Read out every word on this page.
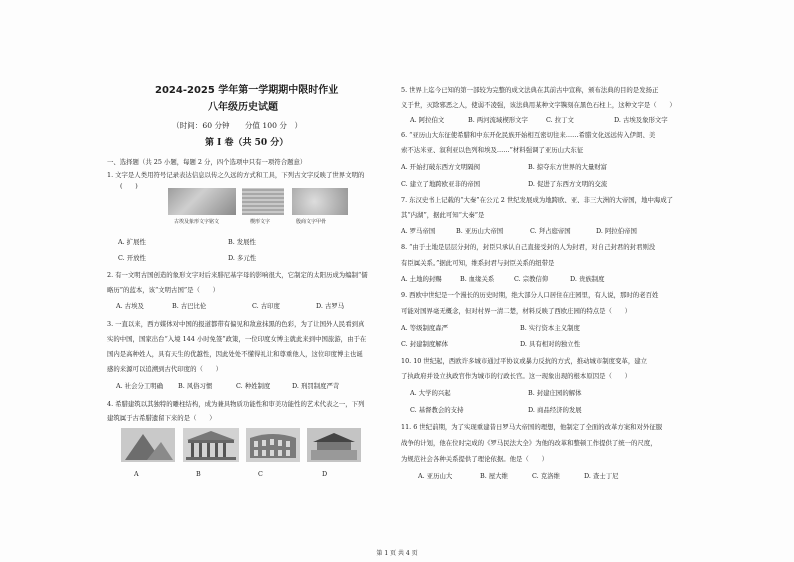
2024-2025 学年第一学期期中限时作业
八年级历史试题
（时间：60 分钟　　分值 100 分　）
第 I 卷（共 50 分）
一、选择题（共 25 小题，每题 2 分，四个选项中只有一项符合题意）
1. 文字是人类用符号记录表达信息以传之久远的方式和工具，下列古文字反映了世界文明的
(　　)
古埃及象形文字铭文	楔形文字	殷商文字甲骨
A. 扩展性	B. 发展性
C. 开放性	D. 多元性
2. 有一文明古国创造的象形文字对后来腓尼基字母的影响很大，它制定的太阳历成为编制“儒
略历”的蓝本，该“文明古国”是（　　）
A. 古埃及	B. 古巴比伦	C. 古印度	D. 古罗马
3. 一直以来，西方媒体对中国的报道都带有偏见和敌意抹黑的色彩，为了让国外人民看到真
实的中国，国家出台“入境 144 小时免签”政策，一位印度女博主就此来到中国旅游，由于在
国内是高种姓人，具有天生的优越性，因此处处不懂得礼让和尊重他人，这位印度博主也诞
感的来源可以追溯到古代印度的（　　）
A. 社会分工明确 B. 风俗习惯	C. 种姓制度	D. 刑罚制度严苛
4. 希腊建筑以其独特的雕柱结构，成为兼具物质功能性和审美功能性的艺术代表之一，下列
建筑属于古希腊遗留下来的是（　　）
A	B	C	D
5. 世界上迄今已知的第一部较为完整的成文法典在其前古中宣称，颁布法典的目的是发扬正
义于世，灭除邪恶之人，使弱不凌强，该法典用某种文字镌刻在黑色石柱上，这种文字是（　　）
A. 阿拉伯文	B. 两河流域楔形文字	C. 拉丁文	D. 古埃及象形文字
6. “亚历山大东征使希腊和中东开化民族开始相互密切往来……希腊文化远远传入伊朗、美
索不达米亚、叙利亚以色列和埃及……”材料强调了亚历山大东征
A. 开始打破东西方文明隔阂	B. 掠夺东方世界的大量财富
C. 建立了地跨欧亚非的帝国	D. 促进了东西方文明的交流
7. 东汉史书上记载的“大秦”在公元 2 世纪发展成为地跨欧、亚、非三大洲的大帝国，地中海成了
其“内湖”，据此可知“大秦”是
A. 罗马帝国	B. 亚历山大帝国	C. 拜占庭帝国	D. 阿拉伯帝国
8. “由于土地是层层分封的，封臣只承认自己直接受封的人为封君，对自己封君的封君则没
有臣属关系。”据此可知，维系封君与封臣关系的纽带是
A. 土地的封赐	B. 血缘关系	C. 宗教信仰	D. 贵族制度
9. 西欧中世纪是一个漫长的历史时期，绝大部分人口居住在庄园里，有人说，那时的老百姓
可能对国界毫无概念，但对村界一清二楚，材料反映了西欧庄园的特点是（　　）
A. 等级制度森严	B. 实行资本主义制度
C. 封建制度解体	D. 具有相对的独立性
10. 10 世纪起，西欧许多城市通过平协议或暴力反抗的方式，推动城市制度变革，建立
了执政府并设立执政官作为城市的行政长官。这一现象出现的根本原因是（　　）
A. 大学的兴起	B. 封建庄园的解体
C. 基督教会的支持	D. 商品经济的发展
11. 6 世纪前期，为了实现重建昔日罗马大帝国的理想，他制定了全面的改革方案和对外征服
战争的计划，他在位时完成的《罗马民法大全》为他的改革和整顿工作提供了统一的尺度，
为规范社会各种关系提供了理论依据。他是（　　）
A. 亚历山大	B. 屋大维	C. 克洛维	D. 查士丁尼
第 1 页 共 4 页
